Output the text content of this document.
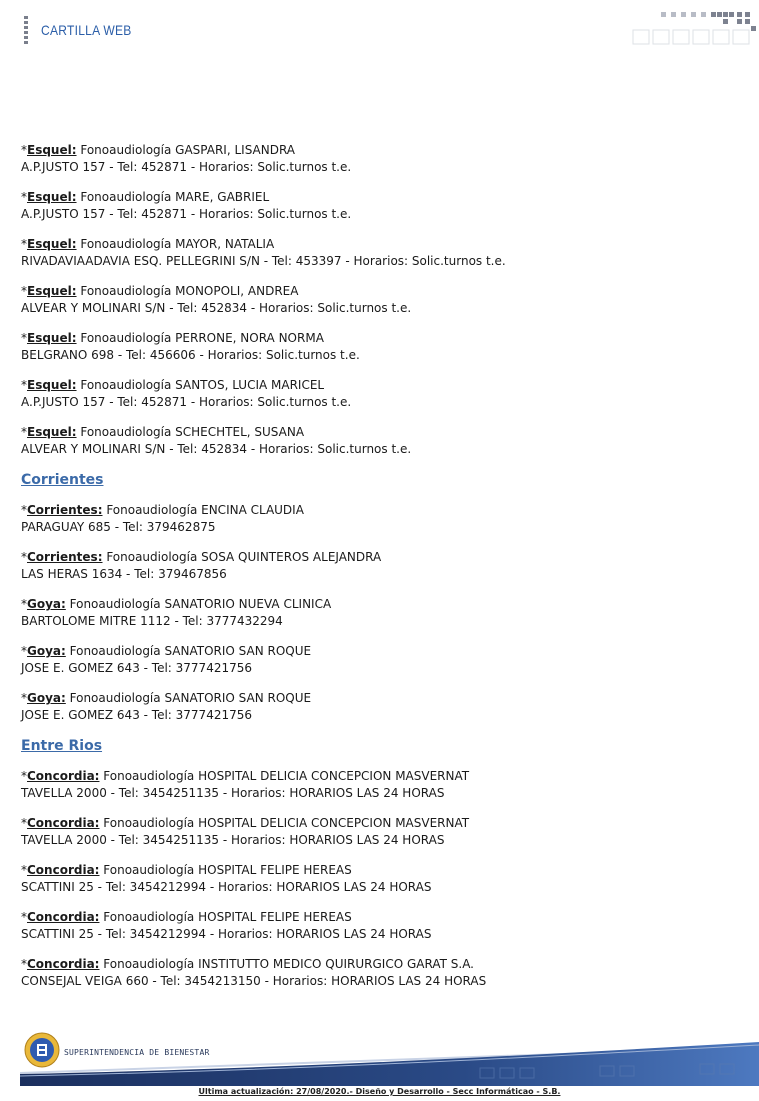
CARTILLA WEB
*Esquel: Fonoaudiología GASPARI, LISANDRA
A.P.JUSTO 157 - Tel: 452871 - Horarios: Solic.turnos t.e.
*Esquel: Fonoaudiología MARE, GABRIEL
A.P.JUSTO 157 - Tel: 452871 - Horarios: Solic.turnos t.e.
*Esquel: Fonoaudiología MAYOR, NATALIA
RIVADAVIAADAVIA ESQ. PELLEGRINI S/N - Tel: 453397 - Horarios: Solic.turnos t.e.
*Esquel: Fonoaudiología MONOPOLI, ANDREA
ALVEAR Y MOLINARI S/N - Tel: 452834 - Horarios: Solic.turnos t.e.
*Esquel: Fonoaudiología PERRONE, NORA NORMA
BELGRANO 698 - Tel: 456606 - Horarios: Solic.turnos t.e.
*Esquel: Fonoaudiología SANTOS, LUCIA MARICEL
A.P.JUSTO 157 - Tel: 452871 - Horarios: Solic.turnos t.e.
*Esquel: Fonoaudiología SCHECHTEL, SUSANA
ALVEAR Y MOLINARI S/N - Tel: 452834 - Horarios: Solic.turnos t.e.
Corrientes
*Corrientes: Fonoaudiología ENCINA CLAUDIA
PARAGUAY 685 - Tel: 379462875
*Corrientes: Fonoaudiología SOSA QUINTEROS ALEJANDRA
LAS HERAS 1634 - Tel: 379467856
*Goya: Fonoaudiología SANATORIO NUEVA CLINICA
BARTOLOME MITRE 1112 - Tel: 3777432294
*Goya: Fonoaudiología SANATORIO SAN ROQUE
JOSE E. GOMEZ 643 - Tel: 3777421756
*Goya: Fonoaudiología SANATORIO SAN ROQUE
JOSE E. GOMEZ 643 - Tel: 3777421756
Entre Rios
*Concordia: Fonoaudiología HOSPITAL DELICIA CONCEPCION MASVERNAT
TAVELLA 2000 - Tel: 3454251135 - Horarios: HORARIOS LAS 24 HORAS
*Concordia: Fonoaudiología HOSPITAL DELICIA CONCEPCION MASVERNAT
TAVELLA 2000 - Tel: 3454251135 - Horarios: HORARIOS LAS 24 HORAS
*Concordia: Fonoaudiología HOSPITAL FELIPE HEREAS
SCATTINI 25 - Tel: 3454212994 - Horarios: HORARIOS LAS 24 HORAS
*Concordia: Fonoaudiología HOSPITAL FELIPE HEREAS
SCATTINI 25 - Tel: 3454212994 - Horarios: HORARIOS LAS 24 HORAS
*Concordia: Fonoaudiología INSTITUTTO MEDICO QUIRURGICO GARAT S.A.
CONSEJAL VEIGA 660 - Tel: 3454213150 - Horarios: HORARIOS LAS 24 HORAS
SUPERINTENDENCIA DE BIENESTAR
Ultima actualización: 27/08/2020.- Diseño y Desarrollo - Secc Informáticao - S.B.
